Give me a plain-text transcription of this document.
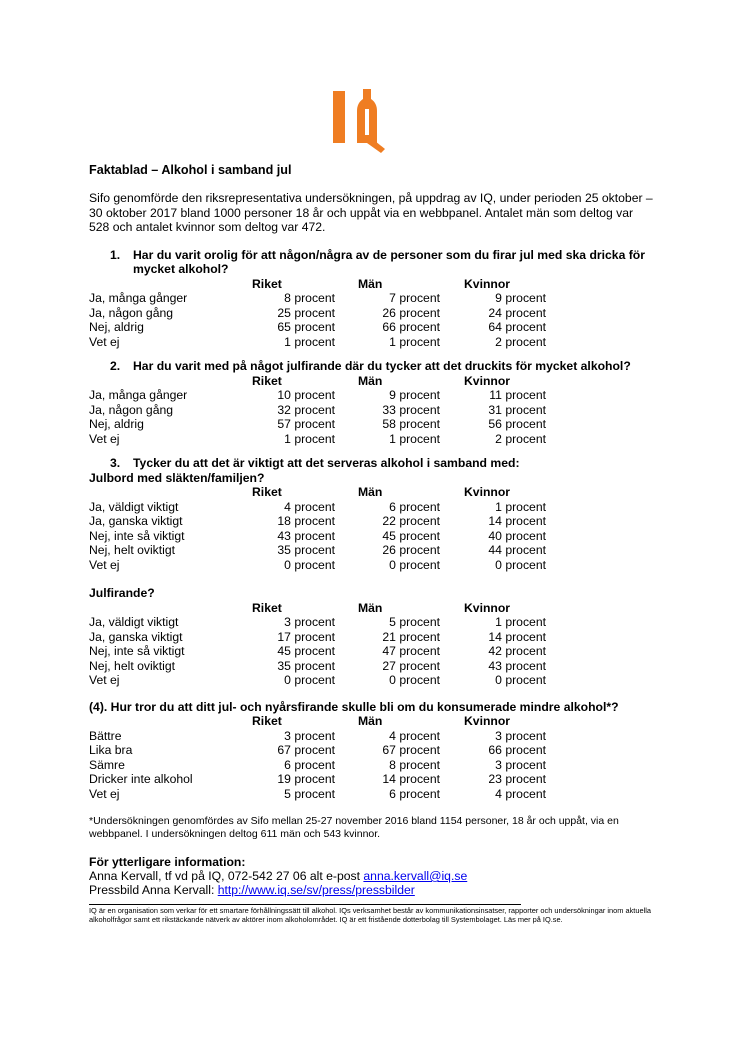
Faktablad – Alkohol i samband jul
Sifo genomförde den riksrepresentativa undersökningen, på uppdrag av IQ, under perioden 25 oktober – 30 oktober 2017 bland 1000 personer 18 år och uppåt via en webbpanel. Antalet män som deltog var 528 och antalet kvinnor som deltog var 472.
1. Har du varit orolig för att någon/några av de personer som du firar jul med ska dricka för mycket alkohol?
	Riket	Män	Kvinnor
Ja, många gånger	8 procent	7 procent	9 procent
Ja, någon gång	25 procent	26 procent	24 procent
Nej, aldrig	65 procent	66 procent	64 procent
Vet ej	1 procent	1 procent	2 procent
2. Har du varit med på något julfirande där du tycker att det druckits för mycket alkohol?
	Riket	Män	Kvinnor
Ja, många gånger	10 procent	9 procent	11 procent
Ja, någon gång	32 procent	33 procent	31 procent
Nej, aldrig	57 procent	58 procent	56 procent
Vet ej	1 procent	1 procent	2 procent
3. Tycker du att det är viktigt att det serveras alkohol i samband med:
Julbord med släkten/familjen?
	Riket	Män	Kvinnor
Ja, väldigt viktigt	4 procent	6 procent	1 procent
Ja, ganska viktigt	18 procent	22 procent	14 procent
Nej, inte så viktigt	43 procent	45 procent	40 procent
Nej, helt oviktigt	35 procent	26 procent	44 procent
Vet ej	0 procent	0 procent	0 procent
Julfirande?
	Riket	Män	Kvinnor
Ja, väldigt viktigt	3 procent	5 procent	1 procent
Ja, ganska viktigt	17 procent	21 procent	14 procent
Nej, inte så viktigt	45 procent	47 procent	42 procent
Nej, helt oviktigt	35 procent	27 procent	43 procent
Vet ej	0 procent	0 procent	0 procent
(4). Hur tror du att ditt jul- och nyårsfirande skulle bli om du konsumerade mindre alkohol*?
	Riket	Män	Kvinnor
Bättre	3 procent	4 procent	3 procent
Lika bra	67 procent	67 procent	66 procent
Sämre	6 procent	8 procent	3 procent
Dricker inte alkohol	19 procent	14 procent	23 procent
Vet ej	5 procent	6 procent	4 procent
*Undersökningen genomfördes av Sifo mellan 25-27 november 2016 bland 1154 personer, 18 år och uppåt, via en webbpanel. I undersökningen deltog 611 män och 543 kvinnor.
För ytterligare information:
Anna Kervall, tf vd på IQ, 072-542 27 06 alt e-post anna.kervall@iq.se
Pressbild Anna Kervall: http://www.iq.se/sv/press/pressbilder
IQ är en organisation som verkar för ett smartare förhållningssätt till alkohol. IQs verksamhet består av kommunikationsinsatser, rapporter och undersökningar inom aktuella alkoholfrågor samt ett rikstäckande nätverk av aktörer inom alkoholområdet. IQ är ett fristående dotterbolag till Systembolaget. Läs mer på IQ.se.
